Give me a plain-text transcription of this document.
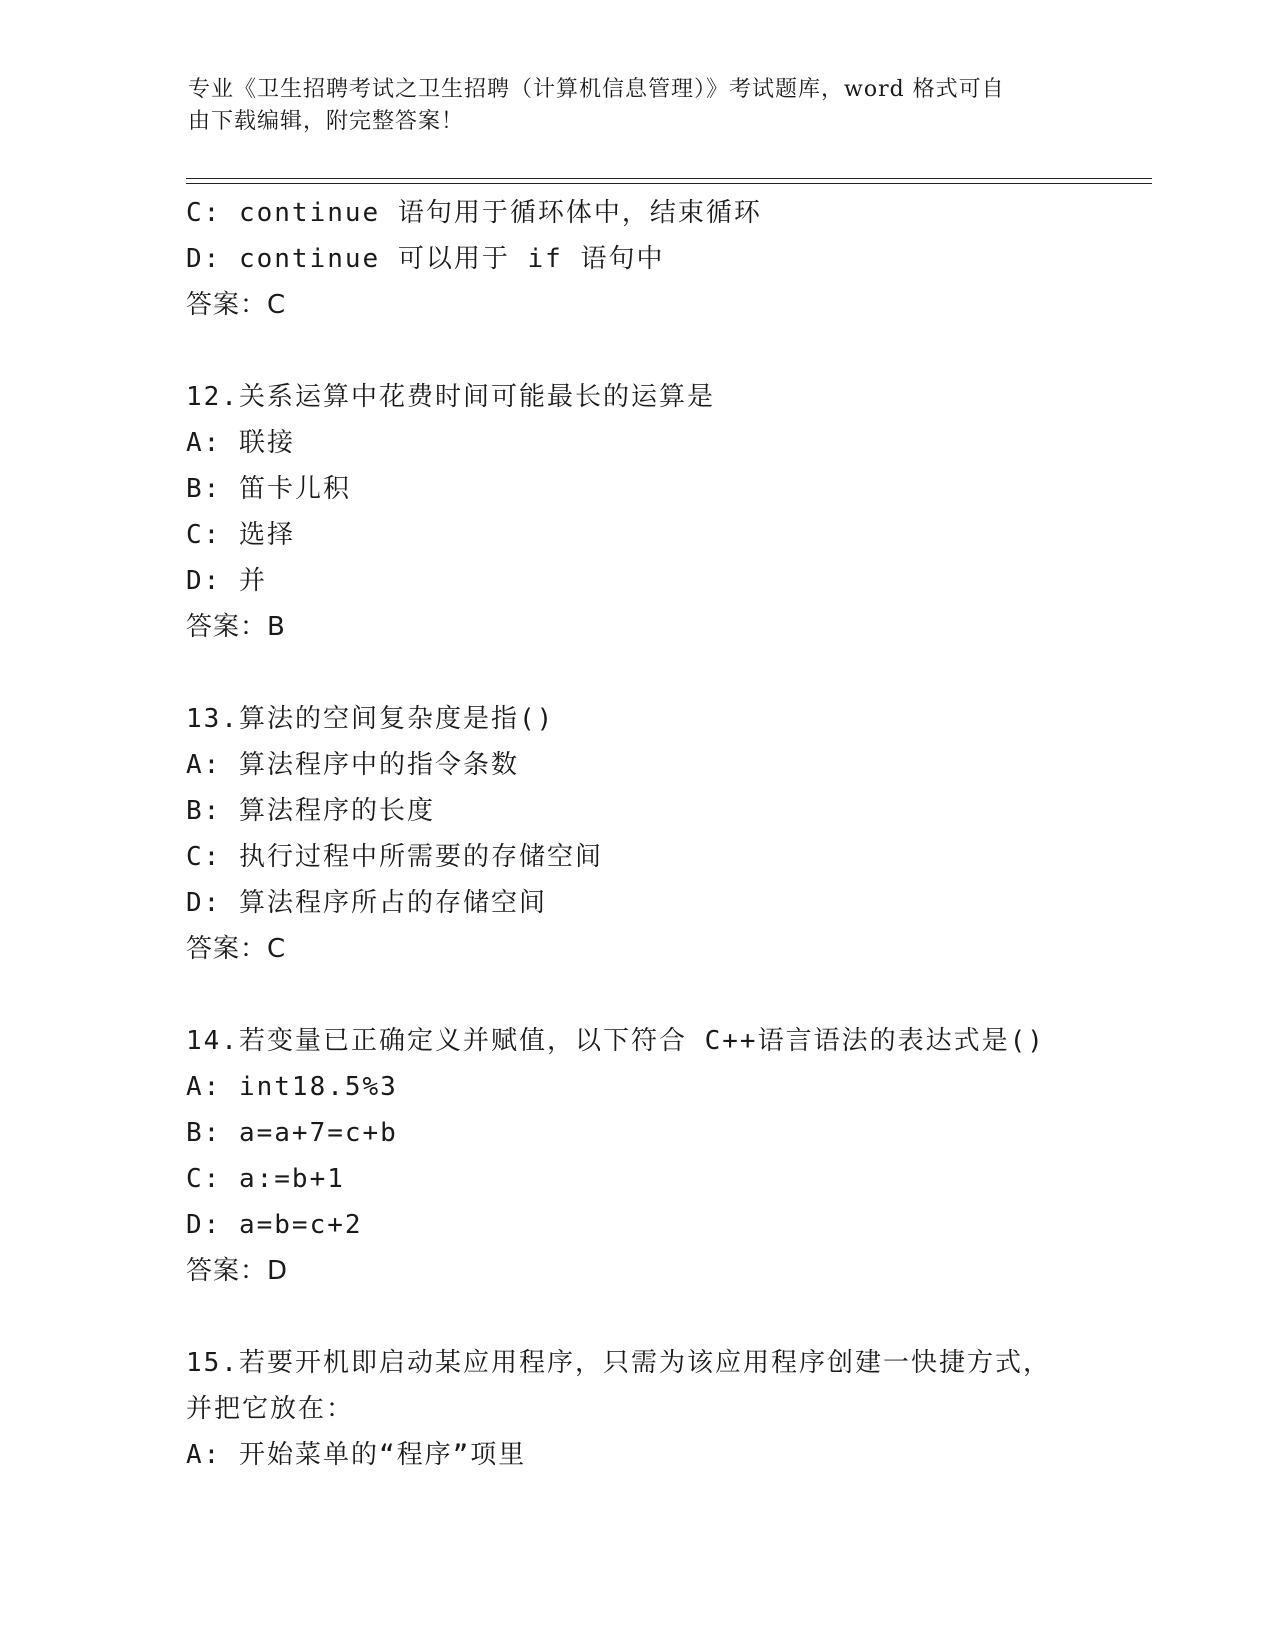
专业《卫生招聘考试之卫生招聘（计算机信息管理）》考试题库，word 格式可自
由下载编辑，附完整答案！
C: continue 语句用于循环体中，结束循环
D: continue 可以用于 if 语句中
答案：C
12.关系运算中花费时间可能最长的运算是
A: 联接
B: 笛卡儿积
C: 选择
D: 并
答案：B
13.算法的空间复杂度是指()
A: 算法程序中的指令条数
B: 算法程序的长度
C: 执行过程中所需要的存储空间
D: 算法程序所占的存储空间
答案：C
14.若变量已正确定义并赋值，以下符合 C++语言语法的表达式是()
A: int18.5%3
B: a=a+7=c+b
C: a:=b+1
D: a=b=c+2
答案：D
15.若要开机即启动某应用程序，只需为该应用程序创建一快捷方式，
并把它放在：
A: 开始菜单的“程序”项里
